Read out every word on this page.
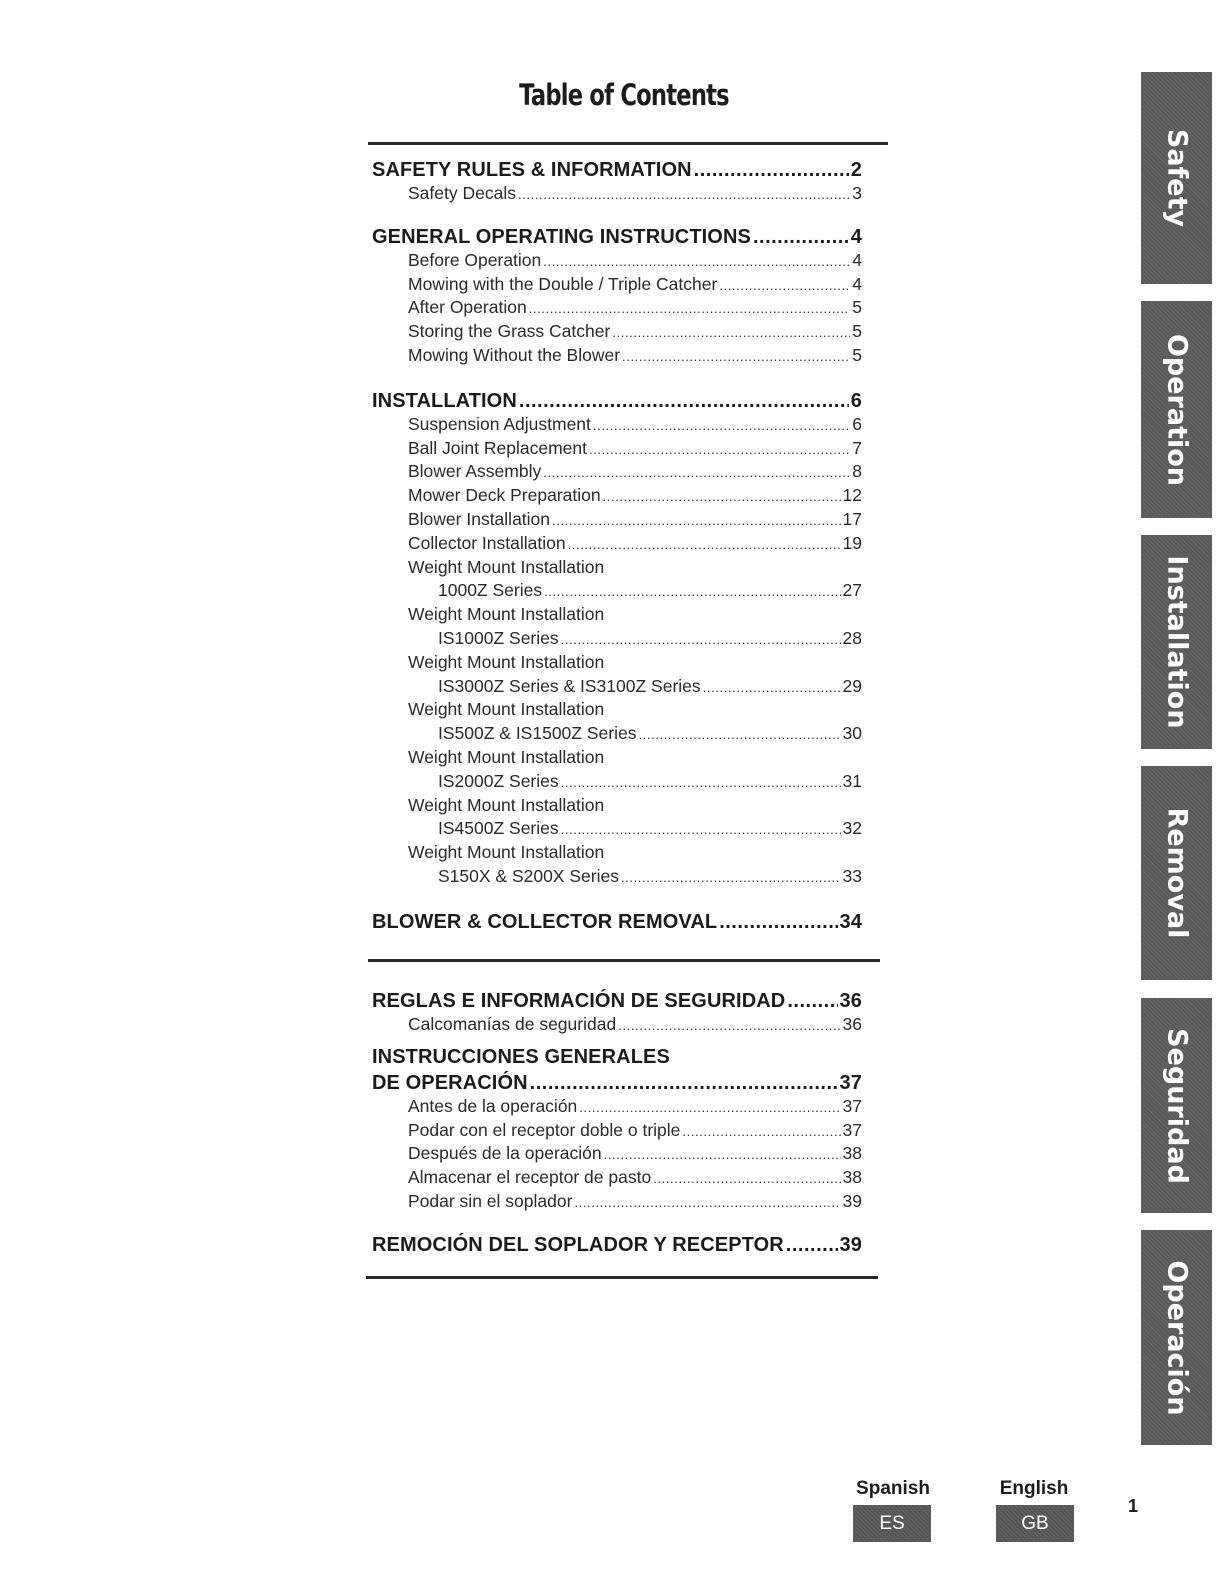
Table of Contents
SAFETY RULES & INFORMATION .....	2
Safety Decals .....	3
GENERAL OPERATING INSTRUCTIONS .....	4
Before Operation .....	4
Mowing with the Double / Triple Catcher .....	4
After Operation .....	5
Storing the Grass Catcher .....	5
Mowing Without the Blower .....	5
INSTALLATION .....	6
Suspension Adjustment .....	6
Ball Joint Replacement .....	7
Blower Assembly .....	8
Mower Deck Preparation .....	12
Blower Installation .....	17
Collector Installation .....	19
Weight Mount Installation
1000Z Series .....	27
Weight Mount Installation
IS1000Z Series .....	28
Weight Mount Installation
IS3000Z Series & IS3100Z Series .....	29
Weight Mount Installation
IS500Z & IS1500Z Series .....	30
Weight Mount Installation
IS2000Z Series .....	31
Weight Mount Installation
IS4500Z Series .....	32
Weight Mount Installation
S150X & S200X Series .....	33
BLOWER & COLLECTOR REMOVAL .....	34
REGLAS E INFORMACIÓN DE SEGURIDAD .....	36
Calcomanías de seguridad .....	36
INSTRUCCIONES GENERALES
DE OPERACIÓN .....	37
Antes de la operación .....	37
Podar con el receptor doble o triple .....	37
Después de la operación .....	38
Almacenar el receptor de pasto .....	38
Podar sin el soplador .....	39
REMOCIÓN DEL SOPLADOR Y RECEPTOR .....	39
Safety
Operation
Installation
Removal
Seguridad
Operación
Spanish
ES
English
GB
1
